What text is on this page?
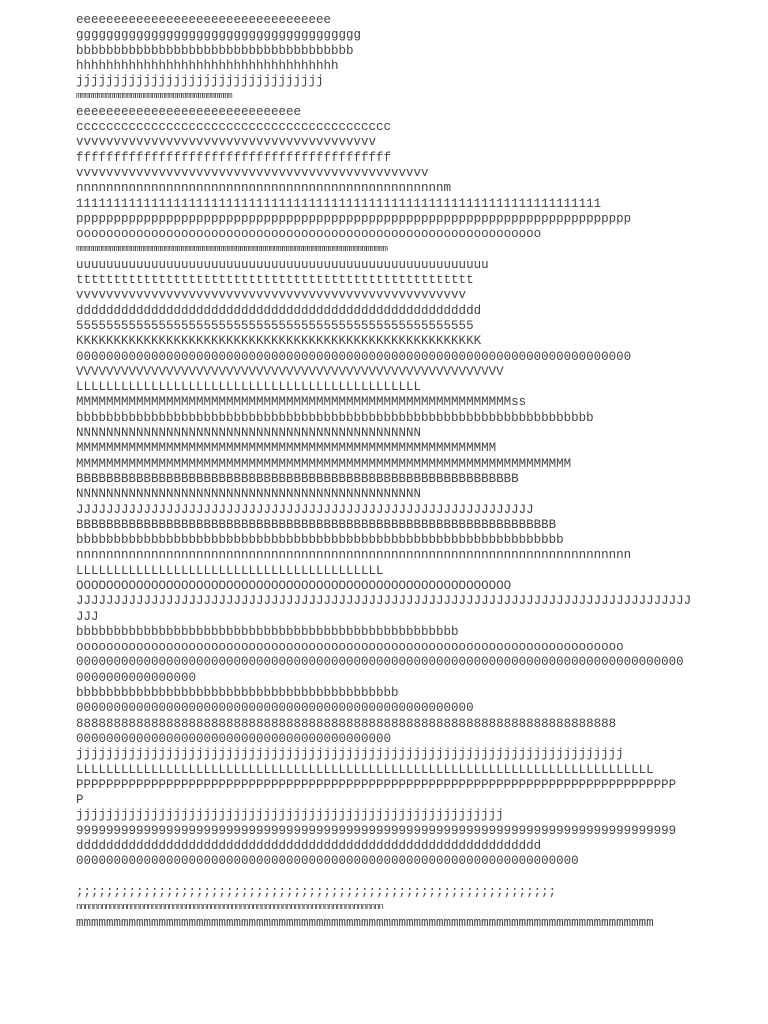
eeeeeeeeeeeeeeeeeeeeeeeeeeeeeeeeee
gggggggggggggggggggggggggggggggggggggg
bbbbbbbbbbbbbbbbbbbbbbbbbbbbbbbbbbbbb
hhhhhhhhhhhhhhhhhhhhhhhhhhhhhhhhhhh
jjjjjjjjjjjjjjjjjjjjjjjjjjjjjjjjj
mmmmmmmmmmmmmmmmmmmmmmmmmmmmmmmmmmmmm
eeeeeeeeeeeeeeeeeeeeeeeeeeeeee
cccccccccccccccccccccccccccccccccccccccccc
vvvvvvvvvvvvvvvvvvvvvvvvvvvvvvvvvvvvvvvv
ffffffffffffffffffffffffffffffffffffffffff
vvvvvvvvvvvvvvvvvvvvvvvvvvvvvvvvvvvvvvvvvvvvvvv
nnnnnnnnnnnnnnnnnnnnnnnnnnnnnnnnnnnnnnnnnnnnnnnnnm
1111111111111111111111111111111111111111111111111111111111111111111111
pppppppppppppppppppppppppppppppppppppppppppppppppppppppppppppppppppppppppp
oooooooooooooooooooooooooooooooooooooooooooooooooooooooooooooo
mmmmmmmmmmmmmmmmmmmmmmmmmmmmmmmmmmmmmmmmmmmmmmmmmmmmmmmmmmmmmmmmmmmmmmmmmm
uuuuuuuuuuuuuuuuuuuuuuuuuuuuuuuuuuuuuuuuuuuuuuuuuuuuuuu
ttttttttttttttttttttttttttttttttttttttttttttttttttttt
vvvvvvvvvvvvvvvvvvvvvvvvvvvvvvvvvvvvvvvvvvvvvvvvvvvv
dddddddddddddddddddddddddddddddddddddddddddddddddddddd
55555555555555555555555555555555555555555555555555555
KKKKKKKKKKKKKKKKKKKKKKKKKKKKKKKKKKKKKKKKKKKKKKKKKKKKKK
00000000000000000000000000000000000000000000000000000000000000000000000000
VVVVVVVVVVVVVVVVVVVVVVVVVVVVVVVVVVVVVVVVVVVVVVVVVVVVVVVVV
LLLLLLLLLLLLLLLLLLLLLLLLLLLLLLLLLLLLLLLLLLLLLL
MMMMMMMMMMMMMMMMMMMMMMMMMMMMMMMMMMMMMMMMMMMMMMMMMMMMMMMMMMss
bbbbbbbbbbbbbbbbbbbbbbbbbbbbbbbbbbbbbbbbbbbbbbbbbbbbbbbbbbbbbbbbbbbbb
NNNNNNNNNNNNNNNNNNNNNNNNNNNNNNNNNNNNNNNNNNNNNN
MMMMMMMMMMMMMMMMMMMMMMMMMMMMMMMMMMMMMMMMMMMMMMMMMMMMMMMM
MMMMMMMMMMMMMMMMMMMMMMMMMMMMMMMMMMMMMMMMMMMMMMMMMMMMMMMMMMMMMMMMMM
BBBBBBBBBBBBBBBBBBBBBBBBBBBBBBBBBBBBBBBBBBBBBBBBBBBBBBBBBBB
NNNNNNNNNNNNNNNNNNNNNNNNNNNNNNNNNNNNNNNNNNNNNN
JJJJJJJJJJJJJJJJJJJJJJJJJJJJJJJJJJJJJJJJJJJJJJJJJJJJJJJJJJJJJ
BBBBBBBBBBBBBBBBBBBBBBBBBBBBBBBBBBBBBBBBBBBBBBBBBBBBBBBBBBBBBBBB
bbbbbbbbbbbbbbbbbbbbbbbbbbbbbbbbbbbbbbbbbbbbbbbbbbbbbbbbbbbbbbbbb
nnnnnnnnnnnnnnnnnnnnnnnnnnnnnnnnnnnnnnnnnnnnnnnnnnnnnnnnnnnnnnnnnnnnnnnnnn
LLLLLLLLLLLLLLLLLLLLLLLLLLLLLLLLLLLLLLLLL
OOOOOOOOOOOOOOOOOOOOOOOOOOOOOOOOOOOOOOOOOOOOOOOOOOOOOOOOOO
JJJJJJJJJJJJJJJJJJJJJJJJJJJJJJJJJJJJJJJJJJJJJJJJJJJJJJJJJJJJJJJJJJJJJJJJJJJJJJJJJJ
JJJ
bbbbbbbbbbbbbbbbbbbbbbbbbbbbbbbbbbbbbbbbbbbbbbbbbbb
ooooooooooooooooooooooooooooooooooooooooooooooooooooooooooooooooooooooooo
000000000000000000000000000000000000000000000000000000000000000000000000000000000
0000000000000000
bbbbbbbbbbbbbbbbbbbbbbbbbbbbbbbbbbbbbbbbbbb
00000000000000000000000000000000000000000000000000000
888888888888888888888888888888888888888888888888888888888888888888888888
000000000000000000000000000000000000000000
jjjjjjjjjjjjjjjjjjjjjjjjjjjjjjjjjjjjjjjjjjjjjjjjjjjjjjjjjjjjjjjjjjjjjjjjj
LLLLLLLLLLLLLLLLLLLLLLLLLLLLLLLLLLLLLLLLLLLLLLLLLLLLLLLLLLLLLLLLLLLLLLLLLLLLL
PPPPPPPPPPPPPPPPPPPPPPPPPPPPPPPPPPPPPPPPPPPPPPPPPPPPPPPPPPPPPPPPPPPPPPPPPPPPPPPP
P
jjjjjjjjjjjjjjjjjjjjjjjjjjjjjjjjjjjjjjjjjjjjjjjjjjjjjjjjj
99999999999999999999999999999999999999999999999999999999999999999999999999999999
dddddddddddddddddddddddddddddddddddddddddddddddddddddddddddddd
0000000000000000000000000000000000000000000000000000000000000000000
;;;;;;;;;;;;;;;;;;;;;;;;;;;;;;;;;;;;;;;;;;;;;;;;;;;;;;;;;;;;;;;;
nnnnnnnnnnnnnnnnnnnnnnnnnnnnnnnnnnnnnnnnnnnnnnnnnnnnnnnnnnnnnnnnnnnnnnnnn
mmmmmmmmmmmmmmmmmmmmmmmmmmmmmmmmmmmmmmmmmmmmmmmmmmmmmmmmmmmmmmmmmmmmmmmmmmmmm
